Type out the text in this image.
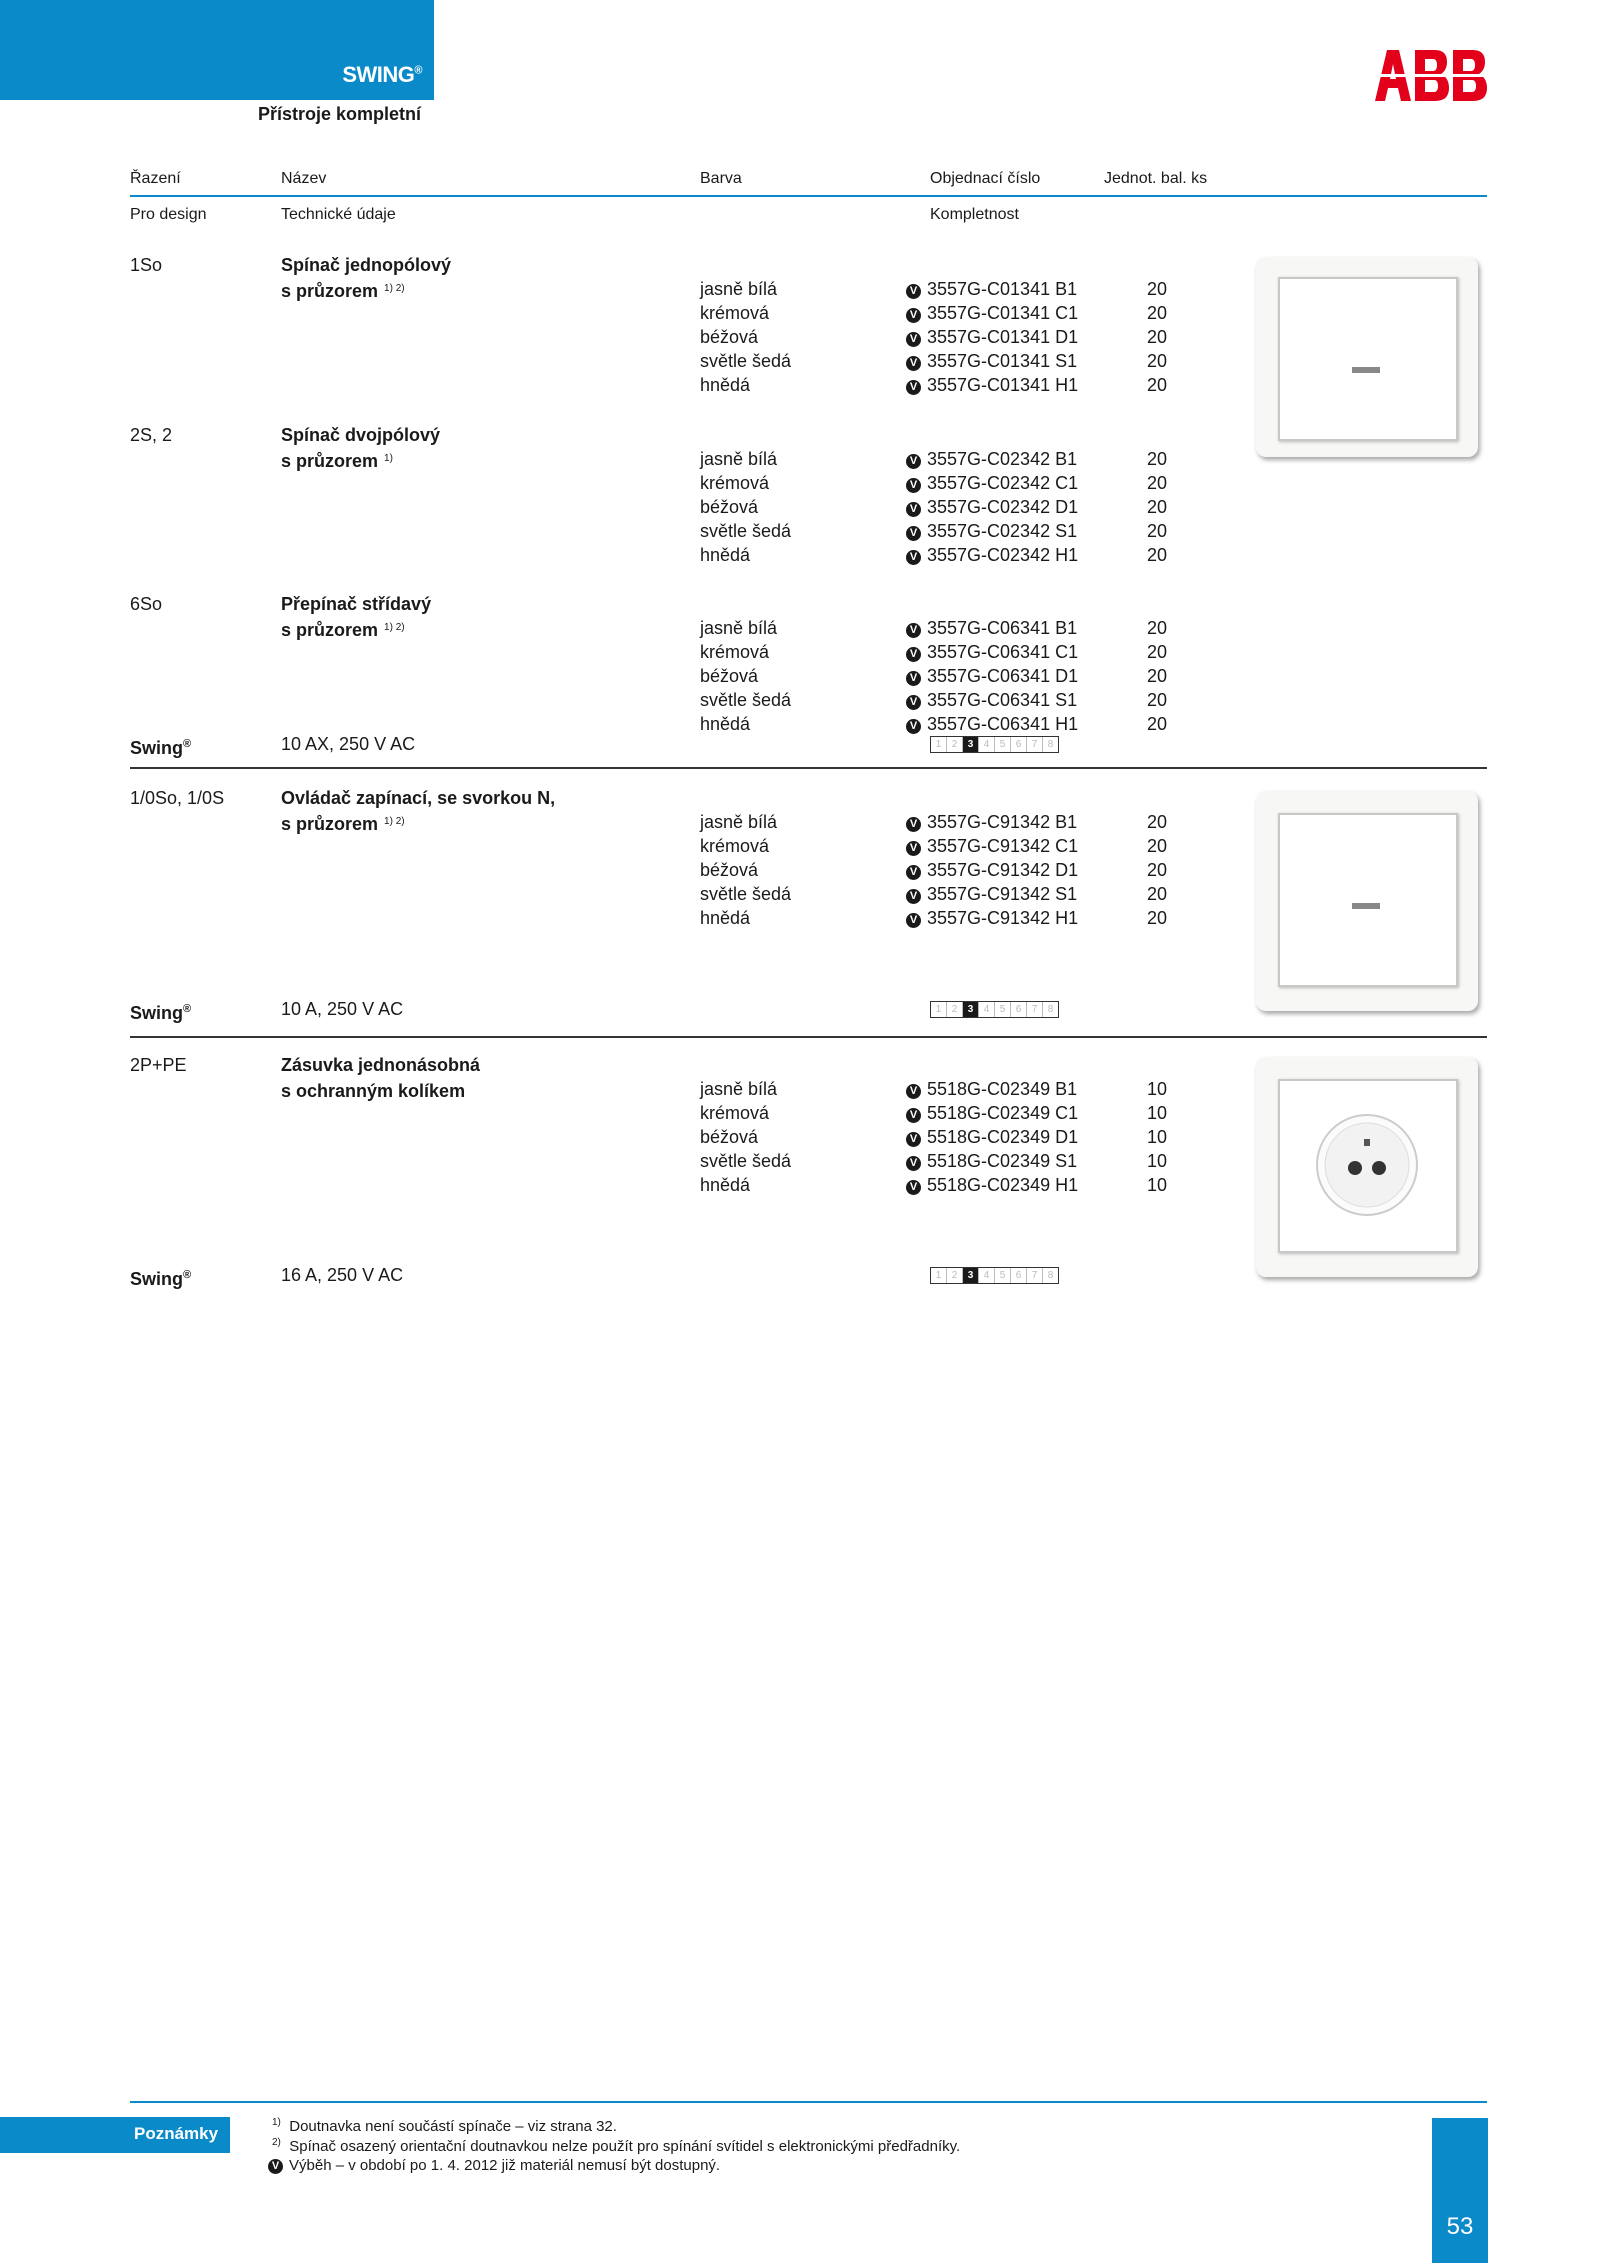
SWING®
Přístroje kompletní
Řazení	Název	Barva	Objednací číslo	Jednot. bal. ks
Pro design	Technické údaje	Kompletnost
1So	Spínač jednopólový
s průzorem $^{1) 2)}$	jasně bílá	V 3557G-C01341 B1	20
krémová	V 3557G-C01341 C1	20
béžová	V 3557G-C01341 D1	20
světle šedá	V 3557G-C01341 S1	20
hnědá	V 3557G-C01341 H1	20
2S, 2	Spínač dvojpólový
s průzorem $^{1)}$	jasně bílá	V 3557G-C02342 B1	20
krémová	V 3557G-C02342 C1	20
béžová	V 3557G-C02342 D1	20
světle šedá	V 3557G-C02342 S1	20
hnědá	V 3557G-C02342 H1	20
6So	Přepínač střídavý
s průzorem $^{1) 2)}$	jasně bílá	V 3557G-C06341 B1	20
krémová	V 3557G-C06341 C1	20
béžová	V 3557G-C06341 D1	20
světle šedá	V 3557G-C06341 S1	20
hnědá	V 3557G-C06341 H1	20
1/0So, 1/0S	Ovládač zapínací, se svorkou N,
s průzorem $^{1) 2)}$	jasně bílá	V 3557G-C91342 B1	20
krémová	V 3557G-C91342 C1	20
béžová	V 3557G-C91342 D1	20
světle šedá	V 3557G-C91342 S1	20
hnědá	V 3557G-C91342 H1	20
2P+PE	Zásuvka jednonásobná
s ochranným kolíkem	jasně bílá	V 5518G-C02349 B1	10
krémová	V 5518G-C02349 C1	10
béžová	V 5518G-C02349 D1	10
světle šedá	V 5518G-C02349 S1	10
hnědá	V 5518G-C02349 H1	10
Swing®	10 AX, 250 V AC	1	2	3	4	5	6	7	8
Swing®	10 A, 250 V AC	1	2	3	4	5	6	7	8
Swing®	16 A, 250 V AC	1	2	3	4	5	6	7	8
Poznámky
$^{1)}$ Doutnavka není součástí spínače – viz strana 32.
$^{2)}$ Spínač osazený orientační doutnavkou nelze použít pro spínání svítidel s elektronickými předřadníky.
V Výběh – v období po 1. 4. 2012 již materiál nemusí být dostupný.
53
